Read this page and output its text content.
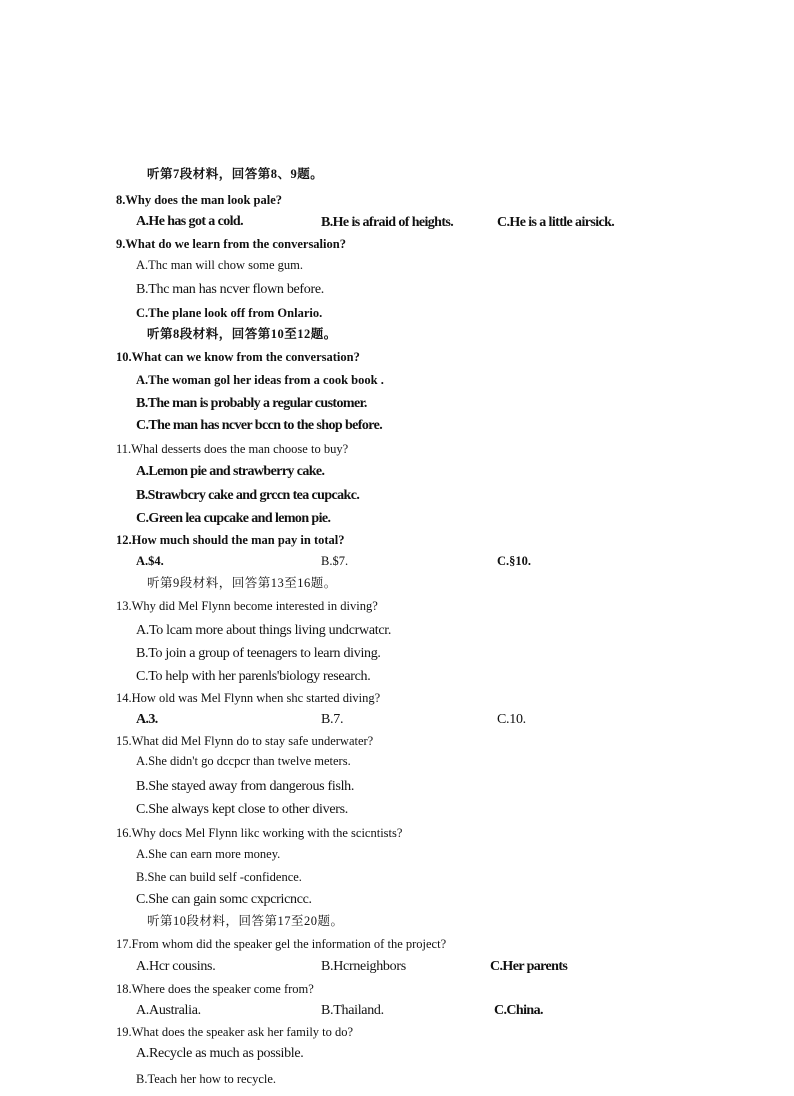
听第7段材料，回答第8、9题。
8.Why does the man look pale?
A.He has got a cold.	B.He is afraid of heights.	C.He is a little airsick.
9.What do we learn from the conversalion?
A.Thc man will chow some gum.
B.Thc man has ncver flown before.
C.The plane look off from Onlario.
听第8段材料，回答第10至12题。
10.What can we know from the conversation?
A.The woman gol her ideas from a cook book .
B.The man is probably a regular customer.
C.The man has ncver bccn to the shop before.
11.Whal desserts does the man choose to buy?
A.Lemon pie and strawberry cake.
B.Strawbcry cake and grccn tea cupcakc.
C.Green lea cupcake and lemon pie.
12.How much should the man pay in total?
A.$4.	B.$7.	C.§10.
听第9段材料，回答第13至16题。
13.Why did Mel Flynn become interested in diving?
A.To lcam more about things living undcrwatcr.
B.To join a group of teenagers to learn diving.
C.To help with her parenls'biology research.
14.How old was Mel Flynn when shc started diving?
A.3.	B.7.	C.10.
15.What did Mel Flynn do to stay safe underwater?
A.She didn't go dccpcr than twelve meters.
B.She stayed away from dangerous fislh.
C.She always kept close to other divers.
16.Why docs Mel Flynn likc working with the scicntists?
A.She can earn more money.
B.She can build self -confidence.
C.She can gain somc cxpcricncc.
听第10段材料，回答第17至20题。
17.From whom did the speaker gel the information of the project?
A.Hcr cousins.	B.Hcrneighbors	C.Her parents
18.Where does the speaker come from?
A.Australia.	B.Thailand.	C.China.
19.What does the speaker ask her family to do?
A.Recycle as much as possible.
B.Teach her how to recycle.
